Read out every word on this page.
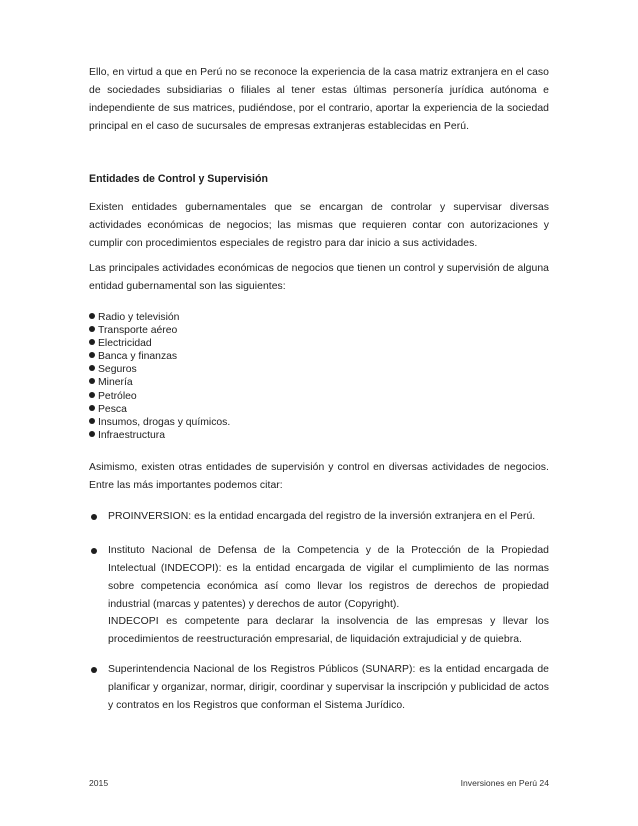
Ello, en virtud a que en Perú no se reconoce la experiencia de la casa matriz extranjera en el caso de sociedades subsidiarias o filiales al tener estas últimas personería jurídica autónoma e independiente de sus matrices, pudiéndose, por el contrario, aportar la experiencia de la sociedad principal en el caso de sucursales de empresas extranjeras establecidas en Perú.

Entidades de Control y Supervisión

Existen entidades gubernamentales que se encargan de controlar y supervisar diversas actividades económicas de negocios; las mismas que requieren contar con autorizaciones y cumplir con procedimientos especiales de registro para dar inicio a sus actividades.

Las principales actividades económicas de negocios que tienen un control y supervisión de alguna entidad gubernamental son las siguientes:

Radio y televisión
Transporte aéreo
Electricidad
Banca y finanzas
Seguros
Minería
Petróleo
Pesca
Insumos, drogas y químicos.
Infraestructura

Asimismo, existen otras entidades de supervisión y control en diversas actividades de negocios. Entre las más importantes podemos citar:

PROINVERSION: es la entidad encargada del registro de la inversión extranjera en el Perú.

Instituto Nacional de Defensa de la Competencia y de la Protección de la Propiedad Intelectual (INDECOPI): es la entidad encargada de vigilar el cumplimiento de las normas sobre competencia económica así como llevar los registros de derechos de propiedad industrial (marcas y patentes) y derechos de autor (Copyright).

INDECOPI es competente para declarar la insolvencia de las empresas y llevar los procedimientos de reestructuración empresarial, de liquidación extrajudicial y de quiebra.

Superintendencia Nacional de los Registros Públicos (SUNARP): es la entidad encargada de planificar y organizar, normar, dirigir, coordinar y supervisar la inscripción y publicidad de actos y contratos en los Registros que conforman el Sistema Jurídico.

2015	Inversiones en Perú 24
